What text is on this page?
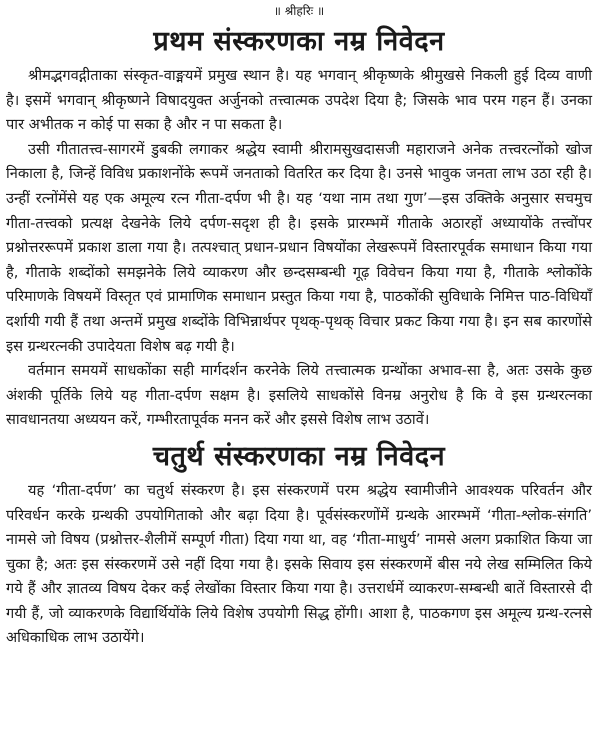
॥ श्रीहरिः ॥
प्रथम संस्करणका नम्र निवेदन

श्रीमद्भगवद्गीताका संस्कृत-वाङ्मयमें प्रमुख स्थान है। यह भगवान् श्रीकृष्णके श्रीमुखसे निकली हुई दिव्य वाणी है। इसमें भगवान् श्रीकृष्णने विषादयुक्त अर्जुनको तत्त्वात्मक उपदेश दिया है; जिसके भाव परम गहन हैं। उनका पार अभीतक न कोई पा सका है और न पा सकता है।

उसी गीतातत्त्व-सागरमें डुबकी लगाकर श्रद्धेय स्वामी श्रीरामसुखदासजी महाराजने अनेक तत्त्वरत्नोंको खोज निकाला है, जिन्हें विविध प्रकाशनोंके रूपमें जनताको वितरित कर दिया है। उनसे भावुक जनता लाभ उठा रही है। उन्हीं रत्नोंमेंसे यह एक अमूल्य रत्न गीता-दर्पण भी है। यह ‘यथा नाम तथा गुण’—इस उक्तिके अनुसार सचमुच गीता-तत्त्वको प्रत्यक्ष देखनेके लिये दर्पण-सदृश ही है। इसके प्रारम्भमें गीताके अठारहों अध्यायोंके तत्त्वोंपर प्रश्नोत्तररूपमें प्रकाश डाला गया है। तत्पश्चात् प्रधान-प्रधान विषयोंका लेखरूपमें विस्तारपूर्वक समाधान किया गया है, गीताके शब्दोंको समझनेके लिये व्याकरण और छन्दसम्बन्धी गूढ़ विवेचन किया गया है, गीताके श्लोकोंके परिमाणके विषयमें विस्तृत एवं प्रामाणिक समाधान प्रस्तुत किया गया है, पाठकोंकी सुविधाके निमित्त पाठ-विधियाँ दर्शायी गयी हैं तथा अन्तमें प्रमुख शब्दोंके विभिन्नार्थपर पृथक्-पृथक् विचार प्रकट किया गया है। इन सब कारणोंसे इस ग्रन्थरत्नकी उपादेयता विशेष बढ़ गयी है।

वर्तमान समयमें साधकोंका सही मार्गदर्शन करनेके लिये तत्त्वात्मक ग्रन्थोंका अभाव-सा है, अतः उसके कुछ अंशकी पूर्तिके लिये यह गीता-दर्पण सक्षम है। इसलिये साधकोंसे विनम्र अनुरोध है कि वे इस ग्रन्थरत्नका सावधानतया अध्ययन करें, गम्भीरतापूर्वक मनन करें और इससे विशेष लाभ उठावें।

चतुर्थ संस्करणका नम्र निवेदन

यह ‘गीता-दर्पण’ का चतुर्थ संस्करण है। इस संस्करणमें परम श्रद्धेय स्वामीजीने आवश्यक परिवर्तन और परिवर्धन करके ग्रन्थकी उपयोगिताको और बढ़ा दिया है। पूर्वसंस्करणोंमें ग्रन्थके आरम्भमें ‘गीता-श्लोक-संगति’ नामसे जो विषय (प्रश्नोत्तर-शैलीमें सम्पूर्ण गीता) दिया गया था, वह ‘गीता-माधुर्य’ नामसे अलग प्रकाशित किया जा चुका है; अतः इस संस्करणमें उसे नहीं दिया गया है। इसके सिवाय इस संस्करणमें बीस नये लेख सम्मिलित किये गये हैं और ज्ञातव्य विषय देकर कई लेखोंका विस्तार किया गया है। उत्तरार्धमें व्याकरण-सम्बन्धी बातें विस्तारसे दी गयी हैं, जो व्याकरणके विद्यार्थियोंके लिये विशेष उपयोगी सिद्ध होंगी। आशा है, पाठकगण इस अमूल्य ग्रन्थ-रत्नसे अधिकाधिक लाभ उठायेंगे।
